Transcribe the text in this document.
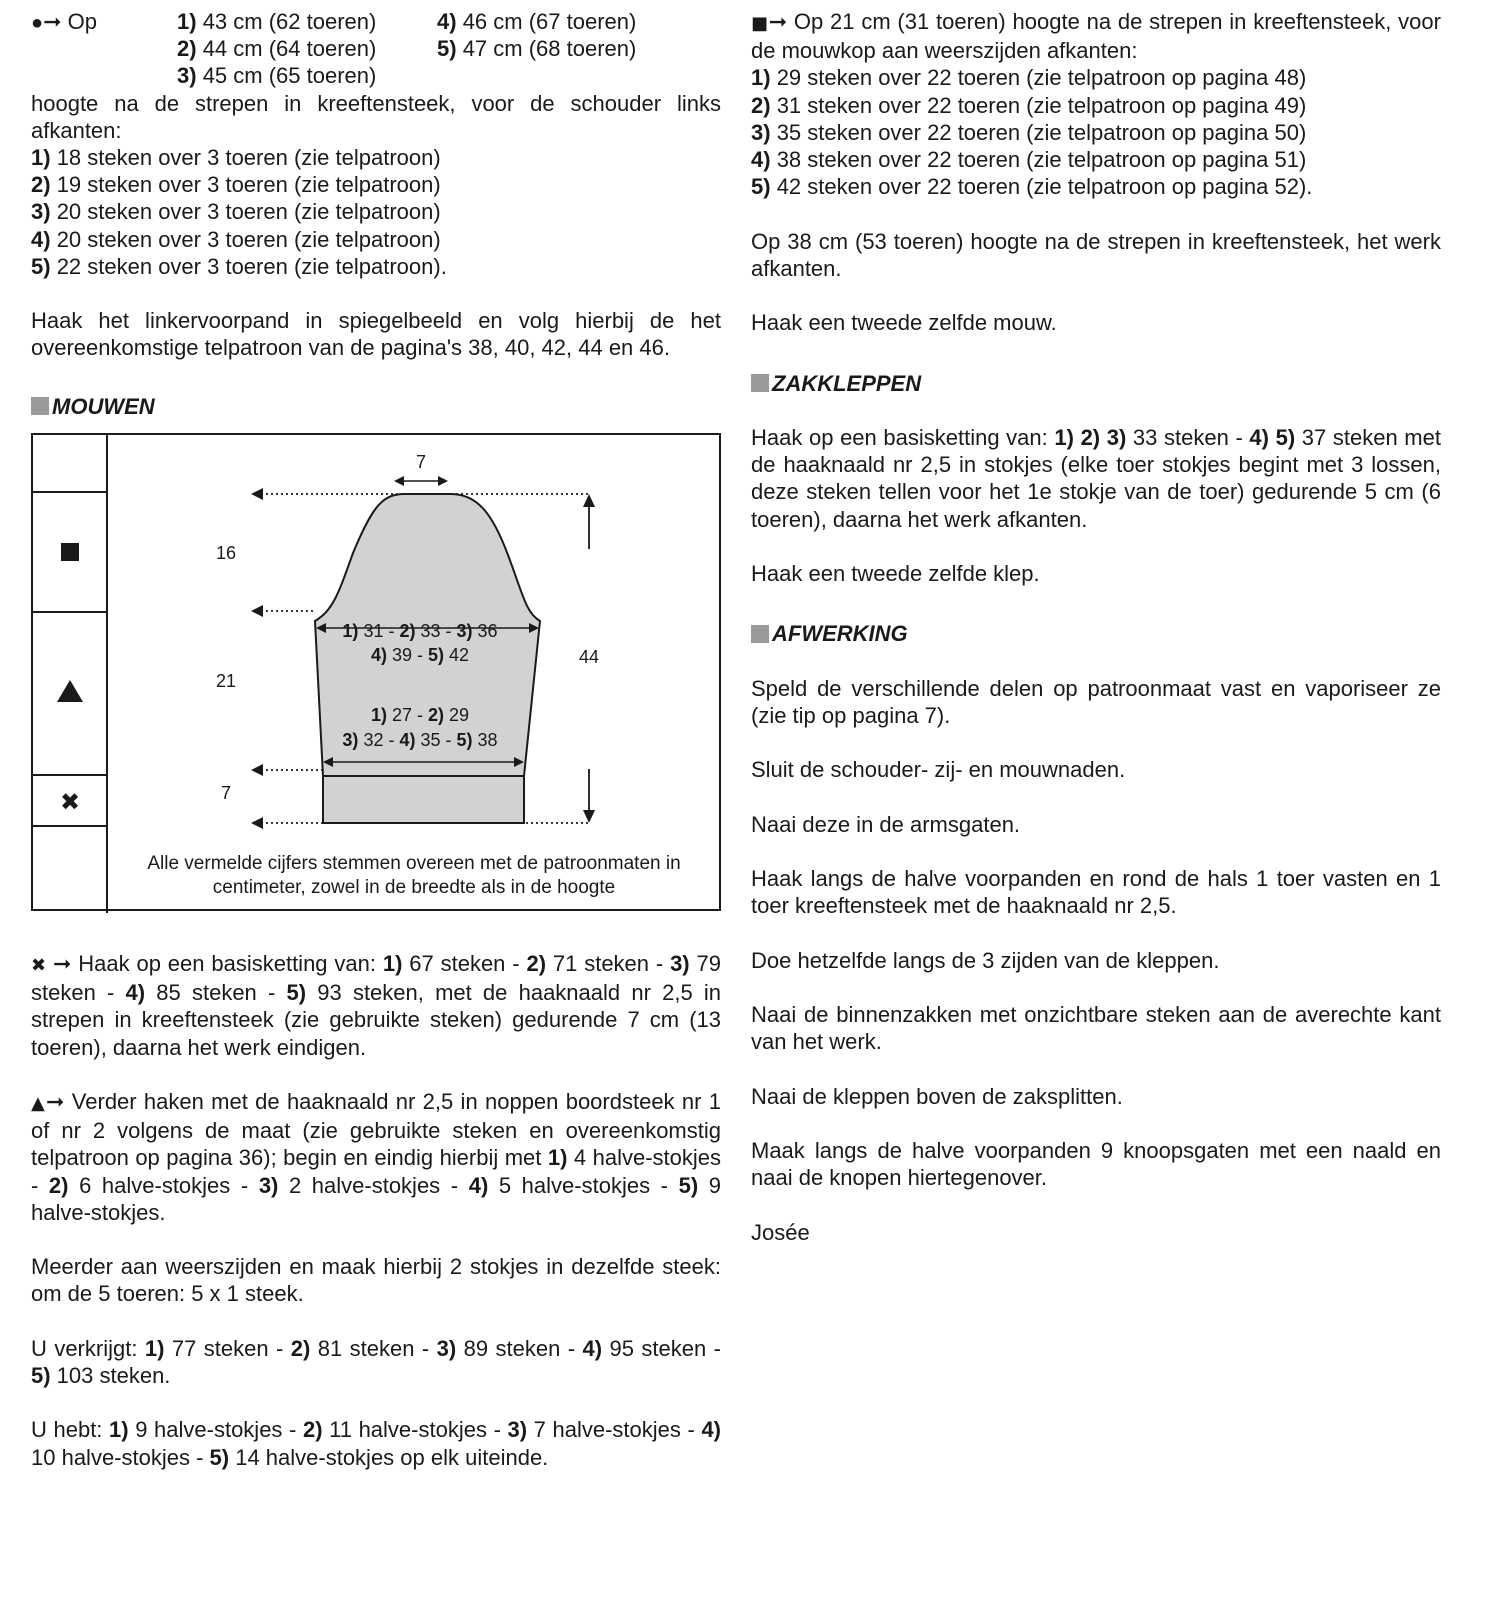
●➞ Op	1) 43 cm (62 toeren)	4) 46 cm (67 toeren)
2) 44 cm (64 toeren)	5) 47 cm (68 toeren)
3) 45 cm (65 toeren)

hoogte na de strepen in kreeftensteek, voor de schouder links afkanten:

1) 18 steken over 3 toeren (zie telpatroon)

2) 19 steken over 3 toeren (zie telpatroon)

3) 20 steken over 3 toeren (zie telpatroon)

4) 20 steken over 3 toeren (zie telpatroon)

5) 22 steken over 3 toeren (zie telpatroon).

Haak het linkervoorpand in spiegelbeeld en volg hierbij de het overeenkomstige telpatroon van de pagina's 38, 40, 42, 44 en 46.

MOUWEN
✖
7
44
16
21
7
1) 31 - 2) 33 - 3) 36
4) 39 - 5) 42
1) 27 - 2) 29
3) 32 - 4) 35 - 5) 38
Alle vermelde cijfers stemmen overeen met de patroonmaten in centimeter, zowel in de breedte als in de hoogte

✖ ➞ Haak op een basisketting van: 1) 67 steken - 2) 71 steken - 3) 79 steken - 4) 85 steken - 5) 93 steken, met de haaknaald nr 2,5 in strepen in kreeftensteek (zie gebruikte steken) gedurende 7 cm (13 toeren), daarna het werk eindigen.

▲➞ Verder haken met de haaknaald nr 2,5 in noppen boordsteek nr 1 of nr 2 volgens de maat (zie gebruikte steken en overeenkomstig telpatroon op pagina 36); begin en eindig hierbij met 1) 4 halve-stokjes - 2) 6 halve-stokjes - 3) 2 halve-stokjes - 4) 5 halve-stokjes - 5) 9 halve-stokjes.

Meerder aan weerszijden en maak hierbij 2 stokjes in dezelfde steek: om de 5 toeren: 5 x 1 steek.

U verkrijgt: 1) 77 steken - 2) 81 steken - 3) 89 steken - 4) 95 steken - 5) 103 steken.

U hebt: 1) 9 halve-stokjes - 2) 11 halve-stokjes - 3) 7 halve-stokjes - 4) 10 halve-stokjes - 5) 14 halve-stokjes op elk uiteinde.

■➞ Op 21 cm (31 toeren) hoogte na de strepen in kreeftensteek, voor de mouwkop aan weerszijden afkanten:

1) 29 steken over 22 toeren (zie telpatroon op pagina 48)

2) 31 steken over 22 toeren (zie telpatroon op pagina 49)

3) 35 steken over 22 toeren (zie telpatroon op pagina 50)

4) 38 steken over 22 toeren (zie telpatroon op pagina 51)

5) 42 steken over 22 toeren (zie telpatroon op pagina 52).

Op 38 cm (53 toeren) hoogte na de strepen in kreeftensteek, het werk afkanten.

Haak een tweede zelfde mouw.

ZAKKLEPPEN

Haak op een basisketting van: 1) 2) 3) 33 steken - 4) 5) 37 steken met de haaknaald nr 2,5 in stokjes (elke toer stokjes begint met 3 lossen, deze steken tellen voor het 1e stokje van de toer) gedurende 5 cm (6 toeren), daarna het werk afkanten.

Haak een tweede zelfde klep.

AFWERKING

Speld de verschillende delen op patroonmaat vast en vaporiseer ze (zie tip op pagina 7).

Sluit de schouder- zij- en mouwnaden.

Naai deze in de armsgaten.

Haak langs de halve voorpanden en rond de hals 1 toer vasten en 1 toer kreeftensteek met de haaknaald nr 2,5.

Doe hetzelfde langs de 3 zijden van de kleppen.

Naai de binnenzakken met onzichtbare steken aan de averechte kant van het werk.

Naai de kleppen boven de zaksplitten.

Maak langs de halve voorpanden 9 knoopsgaten met een naald en naai de knopen hiertegenover.

Josée
